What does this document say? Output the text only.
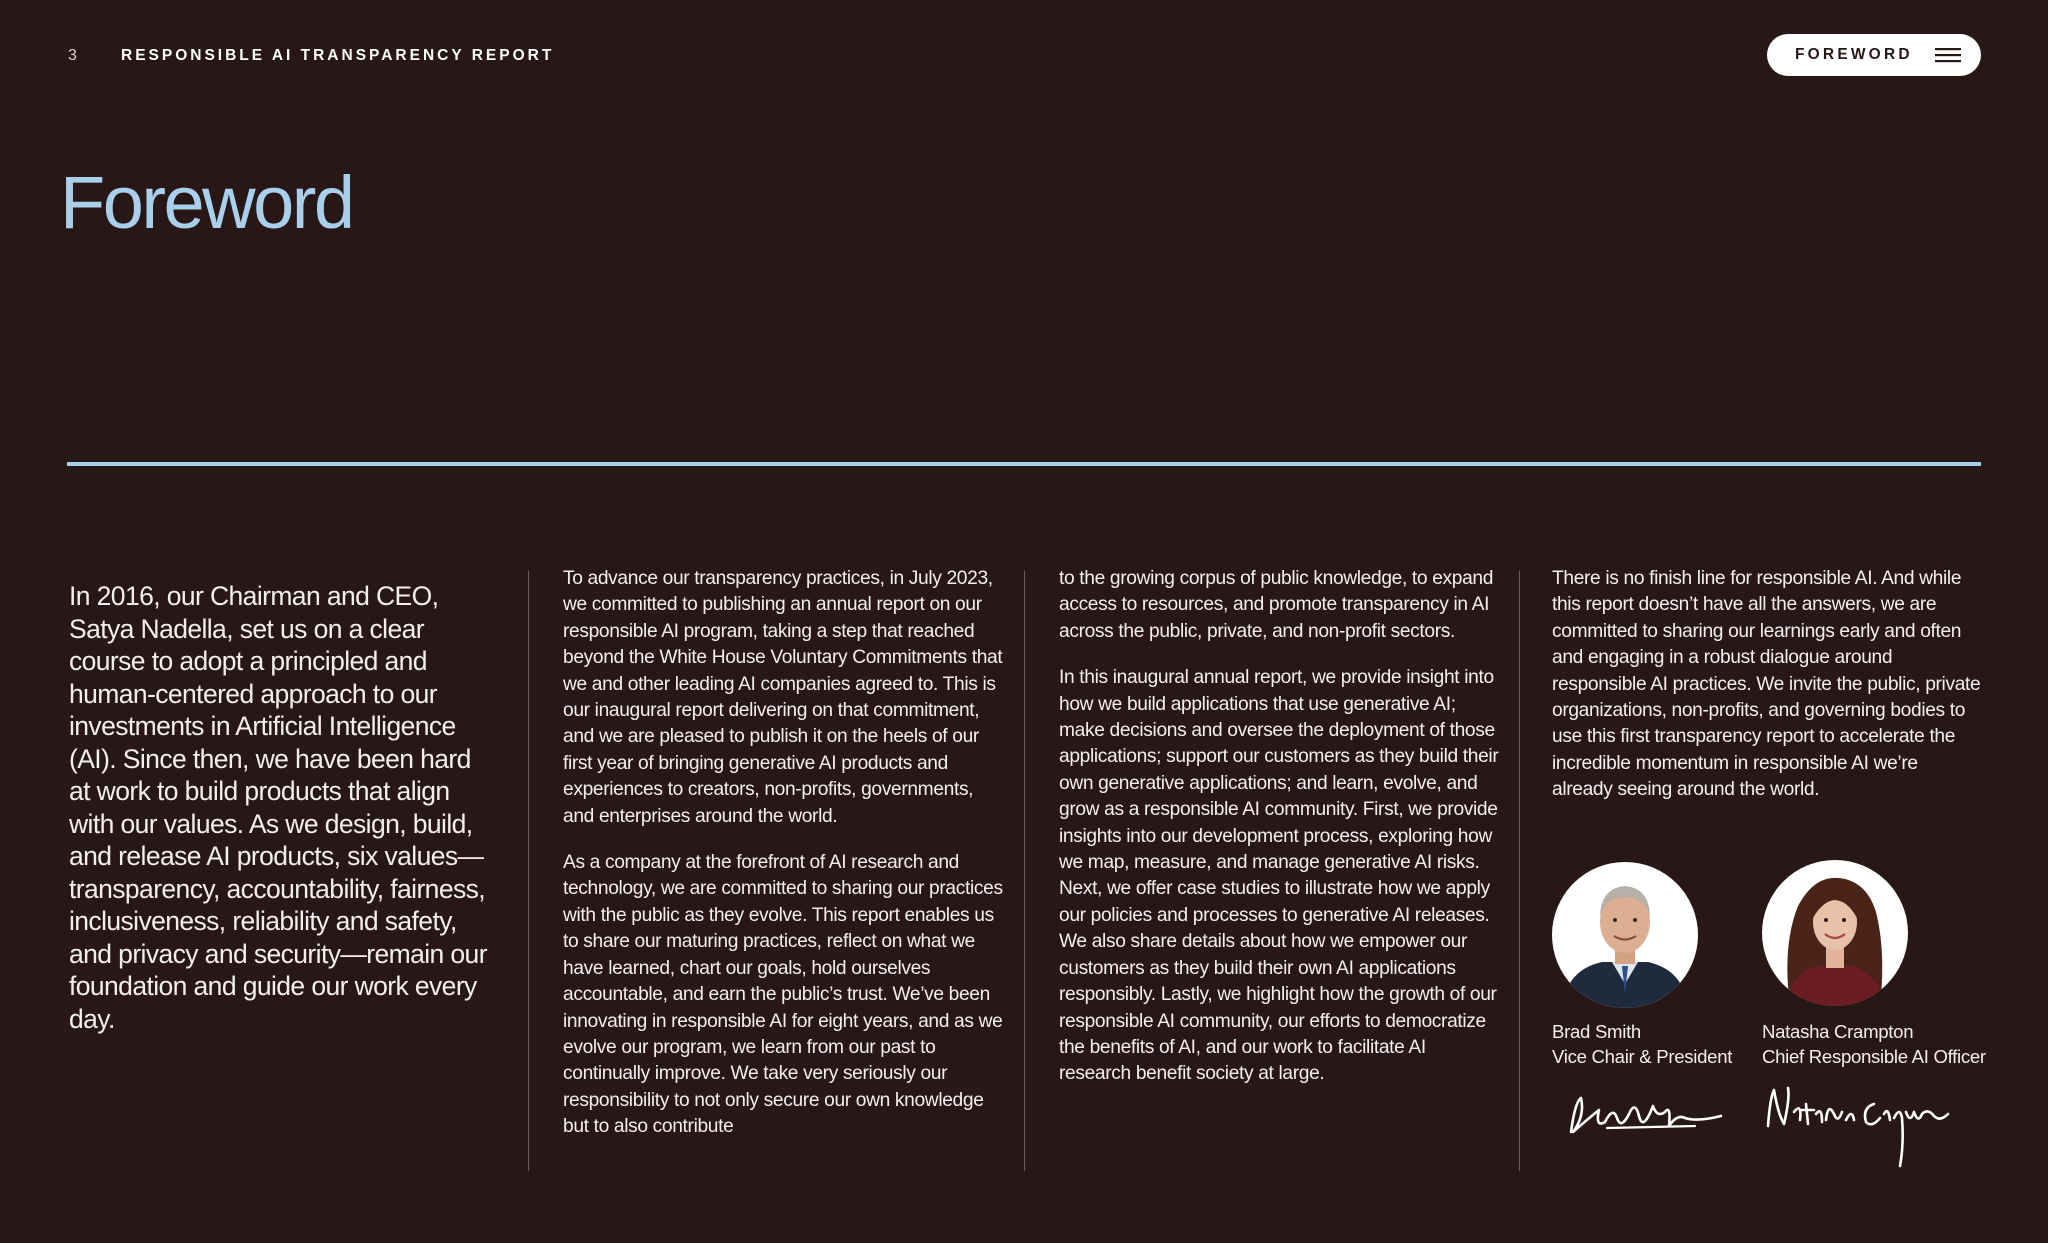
3	RESPONSIBLE AI TRANSPARENCY REPORT	FOREWORD
Foreword
In 2016, our Chairman and CEO, Satya Nadella, set us on a clear course to adopt a principled and human-centered approach to our investments in Artificial Intelligence (AI). Since then, we have been hard at work to build products that align with our values. As we design, build, and release AI products, six values—transparency, accountability, fairness, inclusiveness, reliability and safety, and privacy and security—remain our foundation and guide our work every day.

To advance our transparency practices, in July 2023, we committed to publishing an annual report on our responsible AI program, taking a step that reached beyond the White House Voluntary Commitments that we and other leading AI companies agreed to. This is our inaugural report delivering on that commitment, and we are pleased to publish it on the heels of our first year of bringing generative AI products and experiences to creators, non-profits, governments, and enterprises around the world.

As a company at the forefront of AI research and technology, we are committed to sharing our practices with the public as they evolve. This report enables us to share our maturing practices, reflect on what we have learned, chart our goals, hold ourselves accountable, and earn the public’s trust. We’ve been innovating in responsible AI for eight years, and as we evolve our program, we learn from our past to continually improve. We take very seriously our responsibility to not only secure our own knowledge but to also contribute

to the growing corpus of public knowledge, to expand access to resources, and promote transparency in AI across the public, private, and non-profit sectors.

In this inaugural annual report, we provide insight into how we build applications that use generative AI; make decisions and oversee the deployment of those applications; support our customers as they build their own generative applications; and learn, evolve, and grow as a responsible AI community. First, we provide insights into our development process, exploring how we map, measure, and manage generative AI risks. Next, we offer case studies to illustrate how we apply our policies and processes to generative AI releases. We also share details about how we empower our customers as they build their own AI applications responsibly. Lastly, we highlight how the growth of our responsible AI community, our efforts to democratize the benefits of AI, and our work to facilitate AI research benefit society at large.

There is no finish line for responsible AI. And while this report doesn’t have all the answers, we are committed to sharing our learnings early and often and engaging in a robust dialogue around responsible AI practices. We invite the public, private organizations, non-profits, and governing bodies to use this first transparency report to accelerate the incredible momentum in responsible AI we’re already seeing around the world.

Brad Smith
Vice Chair & President
Natasha Crampton
Chief Responsible AI Officer
